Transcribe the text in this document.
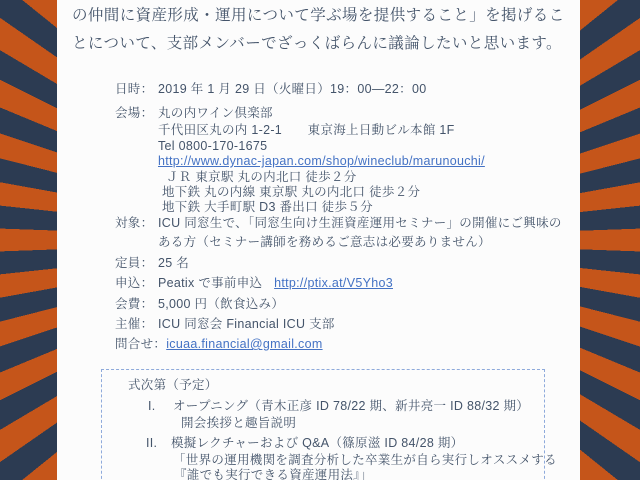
の仲間に資産形成・運用について学ぶ場を提供すること」を掲げるこ
とについて、支部メンバーでざっくばらんに議論したいと思います。
日時： 2019 年 1 月 29 日（火曜日）19：00—22：00
会場： 丸の内ワイン倶楽部
千代田区丸の内 1-2-1　　東京海上日動ビル本館 1F
Tel 0800-170-1675
http://www.dynac-japan.com/shop/wineclub/marunouchi/
ＪＲ 東京駅 丸の内北口 徒歩２分
地下鉄 丸の内線 東京駅 丸の内北口 徒歩２分
地下鉄 大手町駅 D3 番出口 徒歩５分
対象： ICU 同窓生で、「同窓生向け生涯資産運用セミナー」の開催にご興味の
ある方（セミナー講師を務めるご意志は必要ありません）
定員： 25 名
申込： Peatix で事前申込 http://ptix.at/V5Yho3
会費： 5,000 円（飲食込み）
主催： ICU 同窓会 Financial ICU 支部
問合せ：icuaa.financial@gmail.com
式次第（予定）
I. オープニング（青木正彦 ID 78/22 期、新井亮一 ID 88/32 期）
開会挨拶と趣旨説明
II. 模擬レクチャーおよび Q&A（篠原滋 ID 84/28 期）
「世界の運用機関を調査分析した卒業生が自ら実行しオススメする
『誰でも実行できる資産運用法』」
